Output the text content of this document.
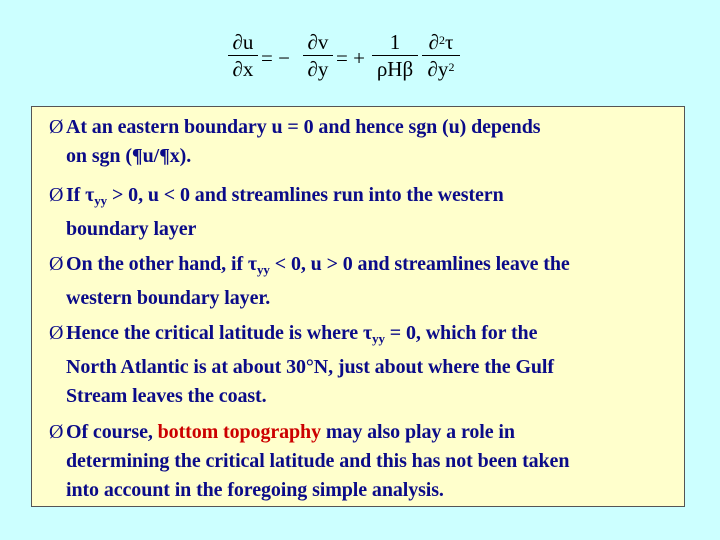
∂u
∂x = −
∂v
∂y = +
1
ρHβ
∂$^2$τ
$\partial y^2$
Ø At an eastern boundary u = 0 and hence sgn (u) depends
on sgn (¶u/¶x).
Ø If $\tau_{yy} > 0$, u < 0 and streamlines run into the western
boundary layer
Ø On the other hand, if $\tau_{yy} < 0$, u > 0 and streamlines leave the
western boundary layer.
Ø Hence the critical latitude is where $\tau_{yy} = 0$, which for the
North Atlantic is at about 30°N, just about where the Gulf
Stream leaves the coast.
Ø Of course, bottom topography may also play a role in
determining the critical latitude and this has not been taken
into account in the foregoing simple analysis.
